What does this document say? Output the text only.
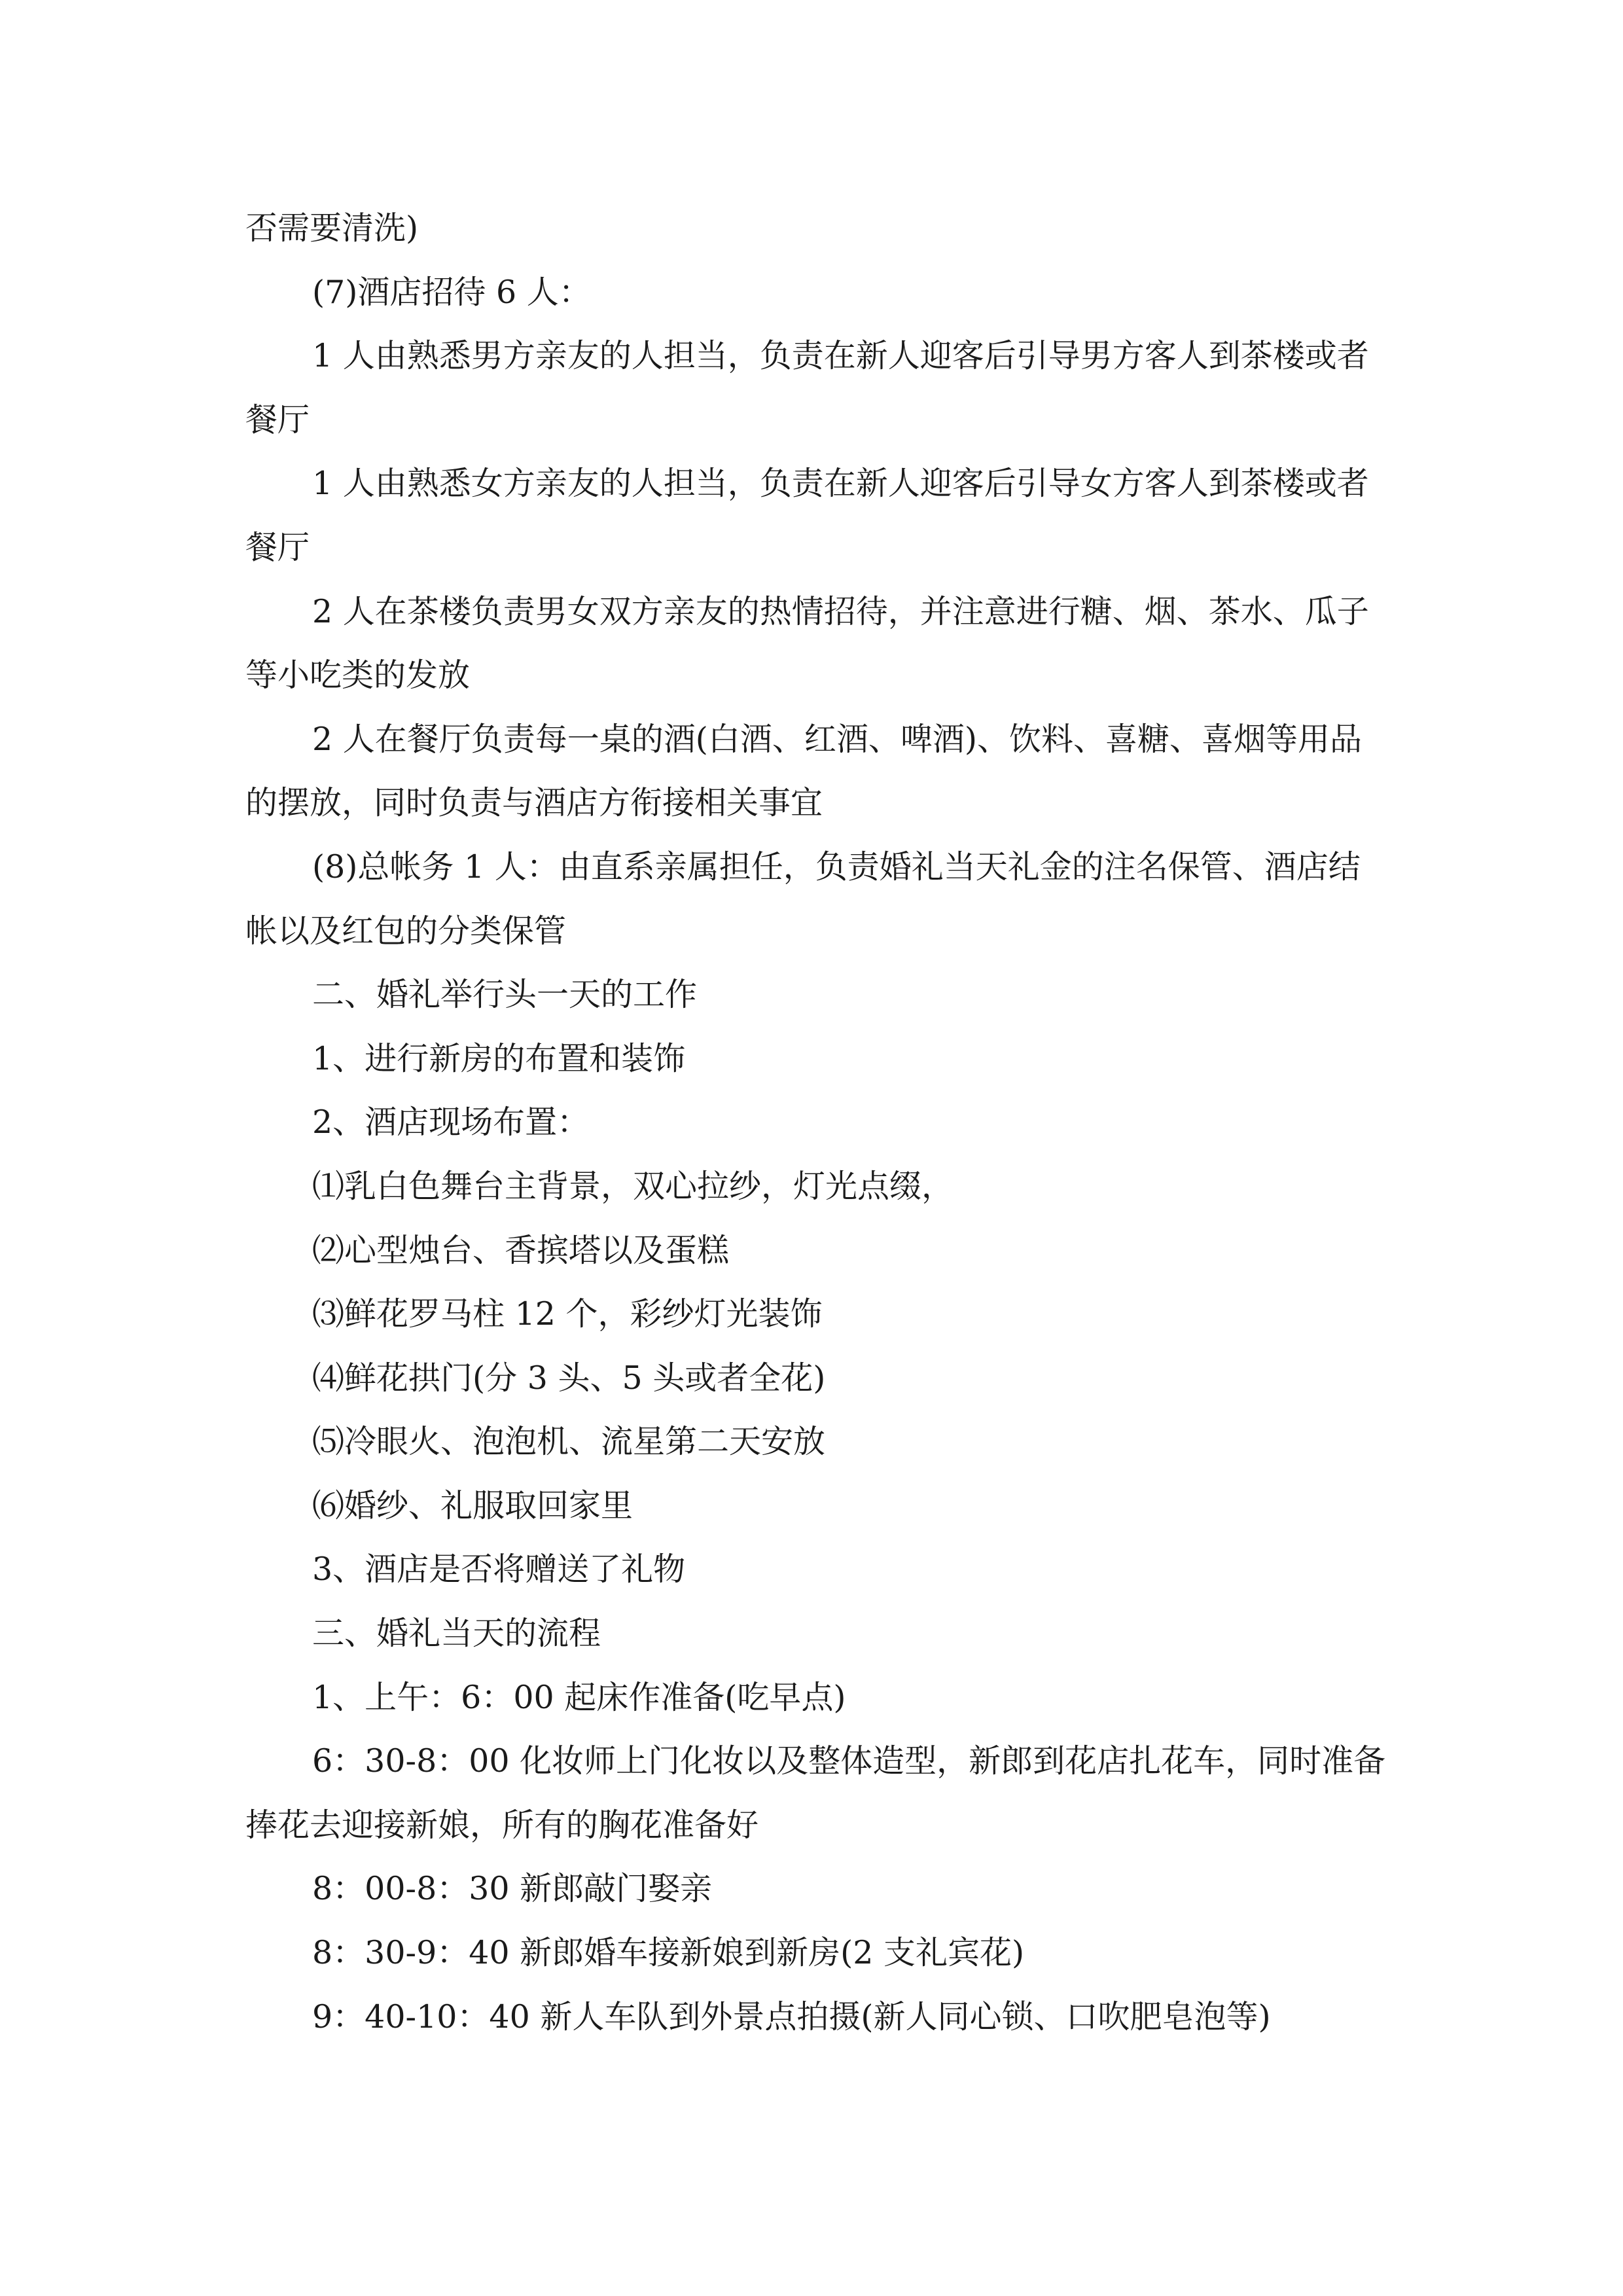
否需要清洗)
(7)酒店招待 6 人：
1 人由熟悉男方亲友的人担当，负责在新人迎客后引导男方客人到茶楼或者
餐厅
1 人由熟悉女方亲友的人担当，负责在新人迎客后引导女方客人到茶楼或者
餐厅
2 人在茶楼负责男女双方亲友的热情招待，并注意进行糖、烟、茶水、瓜子
等小吃类的发放
2 人在餐厅负责每一桌的酒(白酒、红酒、啤酒)、饮料、喜糖、喜烟等用品
的摆放，同时负责与酒店方衔接相关事宜
(8)总帐务 1 人：由直系亲属担任，负责婚礼当天礼金的注名保管、酒店结
帐以及红包的分类保管
二、婚礼举行头一天的工作
1、进行新房的布置和装饰
2、酒店现场布置：
⑴乳白色舞台主背景，双心拉纱，灯光点缀，
⑵心型烛台、香摈塔以及蛋糕
⑶鲜花罗马柱 12 个，彩纱灯光装饰
⑷鲜花拱门(分 3 头、5 头或者全花)
⑸冷眼火、泡泡机、流星第二天安放
⑹婚纱、礼服取回家里
3、酒店是否将赠送了礼物
三、婚礼当天的流程
1、上午：6：00 起床作准备(吃早点)
6：30-8：00 化妆师上门化妆以及整体造型，新郎到花店扎花车，同时准备
捧花去迎接新娘，所有的胸花准备好
8：00-8：30 新郎敲门娶亲
8：30-9：40 新郎婚车接新娘到新房(2 支礼宾花)
9：40-10：40 新人车队到外景点拍摄(新人同心锁、口吹肥皂泡等)
